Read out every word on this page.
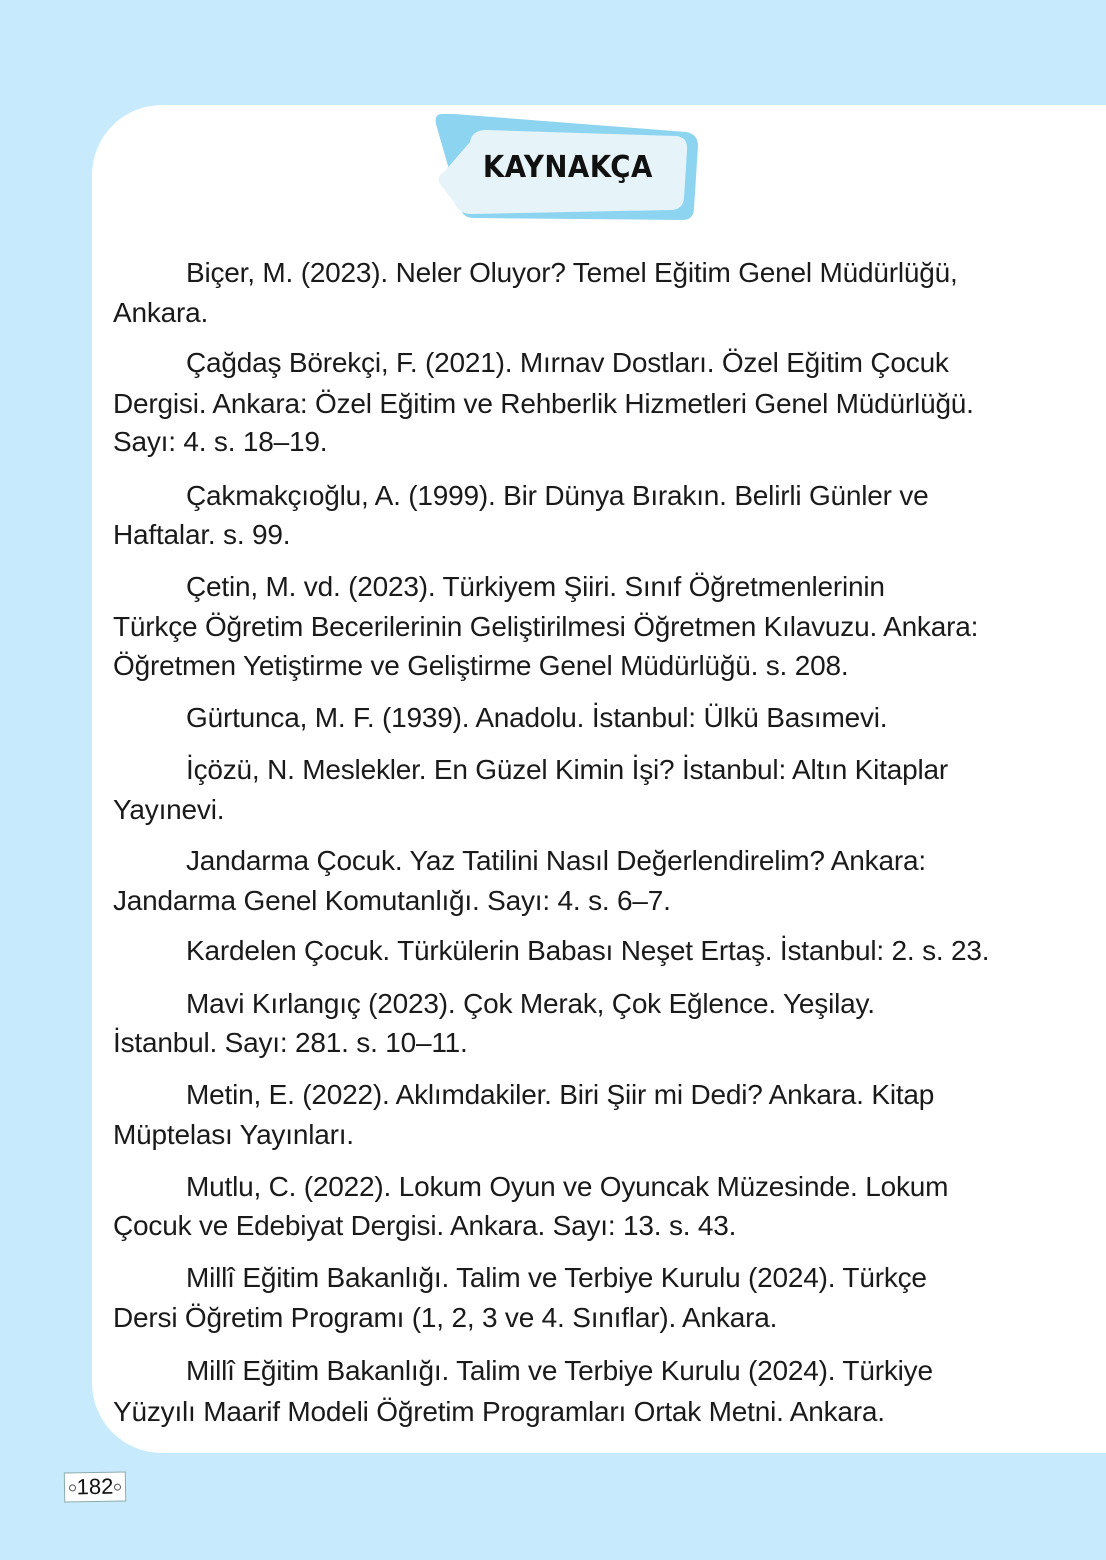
KAYNAKÇA
Biçer, M. (2023). Neler Oluyor? Temel Eğitim Genel Müdürlüğü,
Ankara.
Çağdaş Börekçi, F. (2021). Mırnav Dostları. Özel Eğitim Çocuk
Dergisi. Ankara: Özel Eğitim ve Rehberlik Hizmetleri Genel Müdürlüğü.
Sayı: 4. s. 18–19.
Çakmakçıoğlu, A. (1999). Bir Dünya Bırakın. Belirli Günler ve
Haftalar. s. 99.
Çetin, M. vd. (2023). Türkiyem Şiiri. Sınıf Öğretmenlerinin
Türkçe Öğretim Becerilerinin Geliştirilmesi Öğretmen Kılavuzu. Ankara:
Öğretmen Yetiştirme ve Geliştirme Genel Müdürlüğü. s. 208.
Gürtunca, M. F. (1939). Anadolu. İstanbul: Ülkü Basımevi.
İçözü, N. Meslekler. En Güzel Kimin İşi? İstanbul: Altın Kitaplar
Yayınevi.
Jandarma Çocuk. Yaz Tatilini Nasıl Değerlendirelim? Ankara:
Jandarma Genel Komutanlığı. Sayı: 4. s. 6–7.
Kardelen Çocuk. Türkülerin Babası Neşet Ertaş. İstanbul: 2. s. 23.
Mavi Kırlangıç (2023). Çok Merak, Çok Eğlence. Yeşilay.
İstanbul. Sayı: 281. s. 10–11.
Metin, E. (2022). Aklımdakiler. Biri Şiir mi Dedi? Ankara. Kitap
Müptelası Yayınları.
Mutlu, C. (2022). Lokum Oyun ve Oyuncak Müzesinde. Lokum
Çocuk ve Edebiyat Dergisi. Ankara. Sayı: 13. s. 43.
Millî Eğitim Bakanlığı. Talim ve Terbiye Kurulu (2024). Türkçe
Dersi Öğretim Programı (1, 2, 3 ve 4. Sınıflar). Ankara.
Millî Eğitim Bakanlığı. Talim ve Terbiye Kurulu (2024). Türkiye
Yüzyılı Maarif Modeli Öğretim Programları Ortak Metni. Ankara.
182
